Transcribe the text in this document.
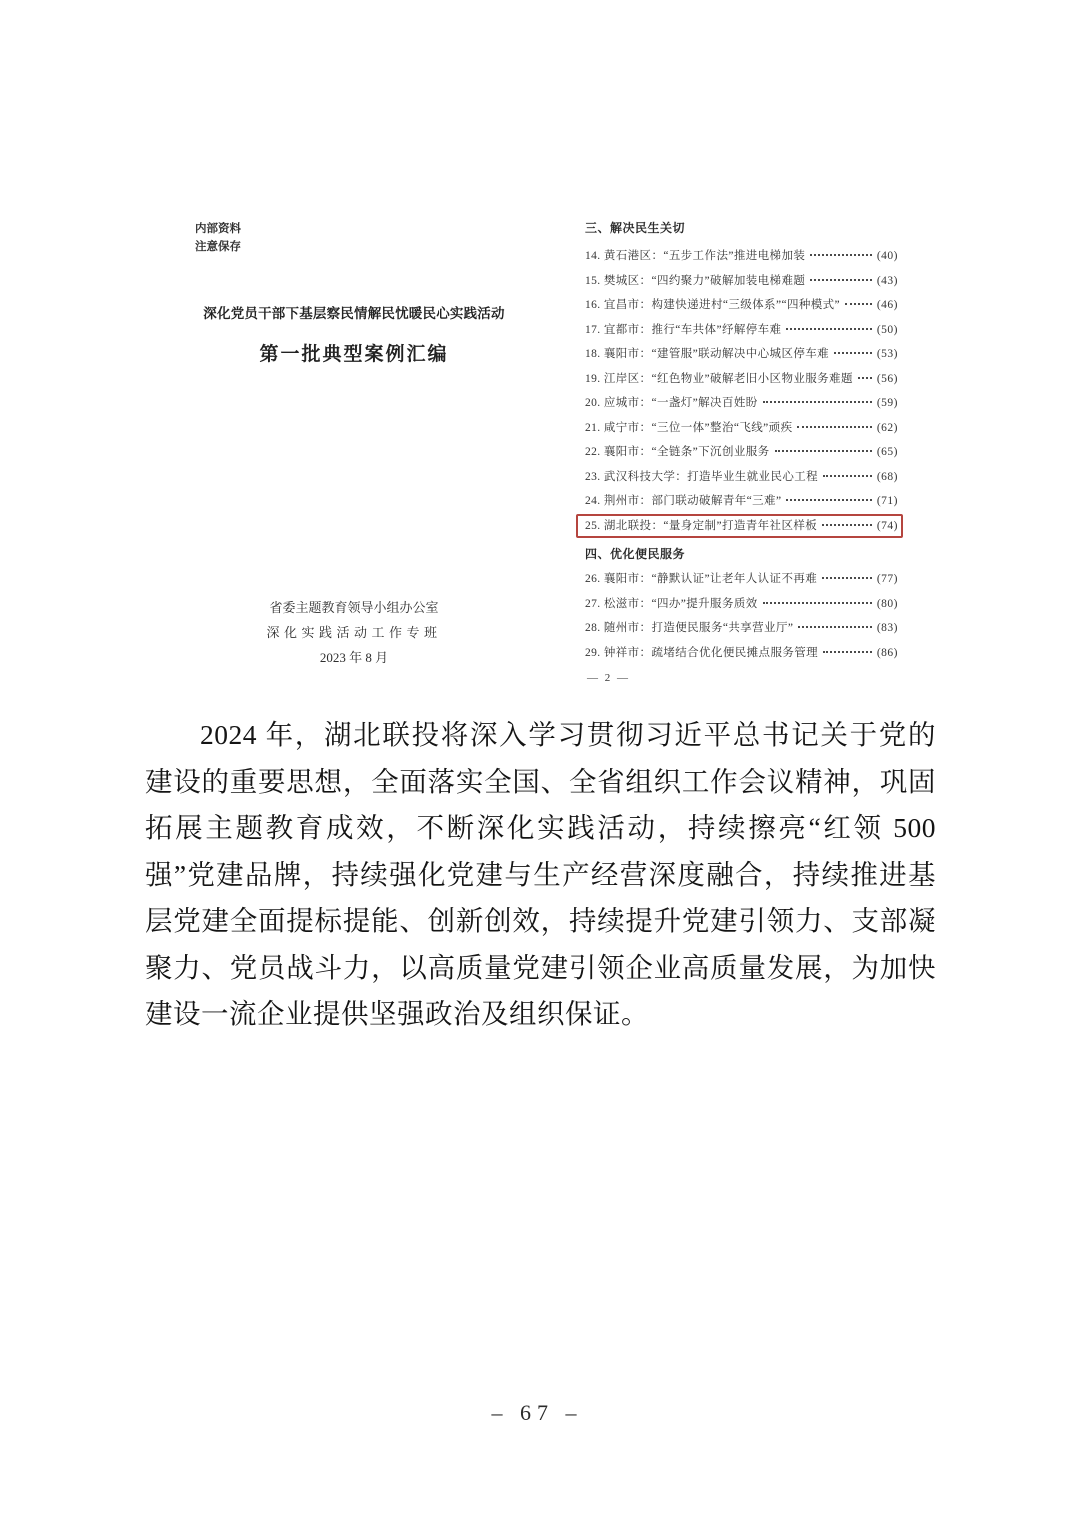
内部资料
注意保存
深化党员干部下基层察民情解民忧暖民心实践活动
第一批典型案例汇编
省委主题教育领导小组办公室
深化实践活动工作专班
2023 年 8 月
三、解决民生关切
14. 黄石港区：“五步工作法”推进电梯加装	(40)
15. 樊城区：“四约聚力”破解加装电梯难题	(43)
16. 宜昌市：构建快递进村“三级体系”“四种模式”	(46)
17. 宜都市：推行“车共体”纾解停车难	(50)
18. 襄阳市：“建管服”联动解决中心城区停车难	(53)
19. 江岸区：“红色物业”破解老旧小区物业服务难题 (56)
20. 应城市：“一盏灯”解决百姓盼	(59)
21. 咸宁市：“三位一体”整治“飞线”顽疾	(62)
22. 襄阳市：“全链条”下沉创业服务	(65)
23. 武汉科技大学：打造毕业生就业民心工程	(68)
24. 荆州市：部门联动破解青年“三难”	(71)
25. 湖北联投：“量身定制”打造青年社区样板	(74)
四、优化便民服务
26. 襄阳市：“静默认证”让老年人认证不再难	(77)
27. 松滋市：“四办”提升服务质效	(80)
28. 随州市：打造便民服务“共享营业厅”	(83)
29. 钟祥市：疏堵结合优化便民摊点服务管理	(86)
— 2 —

2024 年，湖北联投将深入学习贯彻习近平总书记关于党的建设的重要思想，全面落实全国、全省组织工作会议精神，巩固拓展主题教育成效，不断深化实践活动，持续擦亮“红领 500 强”党建品牌，持续强化党建与生产经营深度融合，持续推进基层党建全面提标提能、创新创效，持续提升党建引领力、支部凝聚力、党员战斗力，以高质量党建引领企业高质量发展，为加快建设一流企业提供坚强政治及组织保证。

– 67 –
